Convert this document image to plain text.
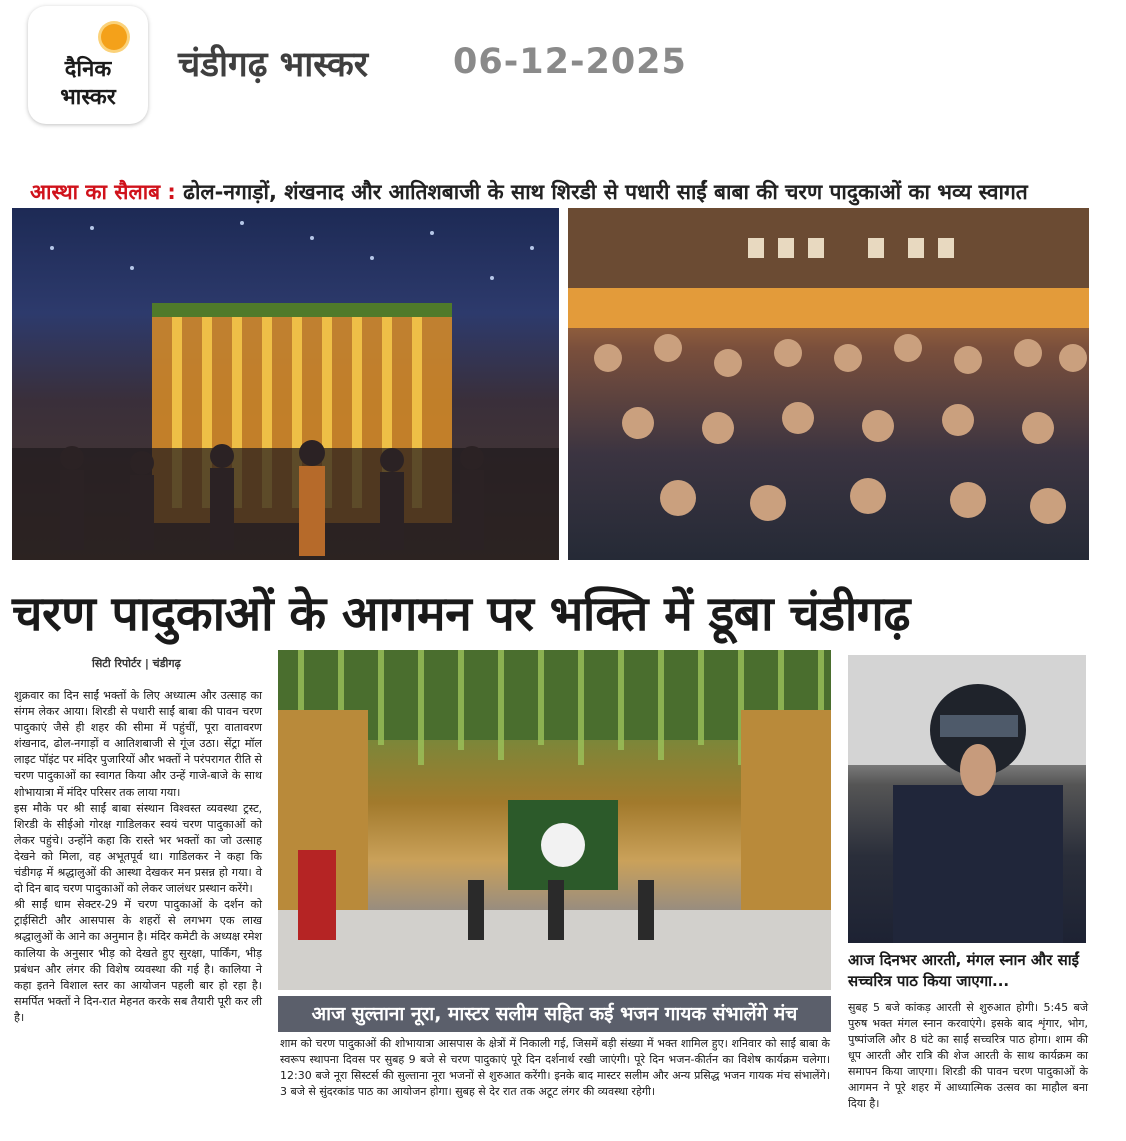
दैनिक
भास्कर
चंडीगढ़ भास्कर 06-12-2025
आस्था का सैलाब : ढोल-नगाड़ों, शंखनाद और आतिशबाजी के साथ शिरडी से पधारी साईं बाबा की चरण पादुकाओं का भव्य स्वागत
चरण पादुकाओं के आगमन पर भक्ति में डूबा चंडीगढ़
सिटी रिपोर्टर | चंडीगढ़

शुक्रवार का दिन साईं भक्तों के लिए अध्यात्म और उत्साह का संगम लेकर आया। शिरडी से पधारी साईं बाबा की पावन चरण पादुकाएं जैसे ही शहर की सीमा में पहुंचीं, पूरा वातावरण शंखनाद, ढोल-नगाड़ों व आतिशबाजी से गूंज उठा। सेंट्रा मॉल लाइट पॉइंट पर मंदिर पुजारियों और भक्तों ने परंपरागत रीति से चरण पादुकाओं का स्वागत किया और उन्हें गाजे-बाजे के साथ शोभायात्रा में मंदिर परिसर तक लाया गया।

इस मौके पर श्री साईं बाबा संस्थान विश्वस्त व्यवस्था ट्रस्ट, शिरडी के सीईओ गोरक्ष गाडिलकर स्वयं चरण पादुकाओं को लेकर पहुंचे। उन्होंने कहा कि रास्ते भर भक्तों का जो उत्साह देखने को मिला, वह अभूतपूर्व था। गाडिलकर ने कहा कि चंडीगढ़ में श्रद्धालुओं की आस्था देखकर मन प्रसन्न हो गया। वे दो दिन बाद चरण पादुकाओं को लेकर जालंधर प्रस्थान करेंगे।

श्री साईं धाम सेक्टर-29 में चरण पादुकाओं के दर्शन को ट्राईसिटी और आसपास के शहरों से लगभग एक लाख श्रद्धालुओं के आने का अनुमान है। मंदिर कमेटी के अध्यक्ष रमेश कालिया के अनुसार भीड़ को देखते हुए सुरक्षा, पार्किंग, भीड़ प्रबंधन और लंगर की विशेष व्यवस्था की गई है। कालिया ने कहा इतने विशाल स्तर का आयोजन पहली बार हो रहा है। समर्पित भक्तों ने दिन-रात मेहनत करके सब तैयारी पूरी कर ली है।	आज सुल्ताना नूरा, मास्टर सलीम सहित कई भजन गायक संभालेंगे मंच
शाम को चरण पादुकाओं की शोभायात्रा आसपास के क्षेत्रों में निकाली गई, जिसमें बड़ी संख्या में भक्त शामिल हुए। शनिवार को साईं बाबा के स्वरूप स्थापना दिवस पर सुबह 9 बजे से चरण पादुकाएं पूरे दिन दर्शनार्थ रखी जाएंगी। पूरे दिन भजन-कीर्तन का विशेष कार्यक्रम चलेगा। 12:30 बजे नूरा सिस्टर्स की सुल्ताना नूरा भजनों से शुरुआत करेंगी। इनके बाद मास्टर सलीम और अन्य प्रसिद्ध भजन गायक मंच संभालेंगे। 3 बजे से सुंदरकांड पाठ का आयोजन होगा। सुबह से देर रात तक अटूट लंगर की व्यवस्था रहेगी।
आज दिनभर आरती, मंगल स्नान और साईं सच्चरित्र पाठ किया जाएगा...
सुबह 5 बजे कांकड़ आरती से शुरुआत होगी। 5:45 बजे पुरुष भक्त मंगल स्नान करवाएंगे। इसके बाद शृंगार, भोग, पुष्पांजलि और 8 घंटे का साईं सच्चरित्र पाठ होगा। शाम की धूप आरती और रात्रि की शेज आरती के साथ कार्यक्रम का समापन किया जाएगा। शिरडी की पावन चरण पादुकाओं के आगमन ने पूरे शहर में आध्यात्मिक उत्सव का माहौल बना दिया है।
